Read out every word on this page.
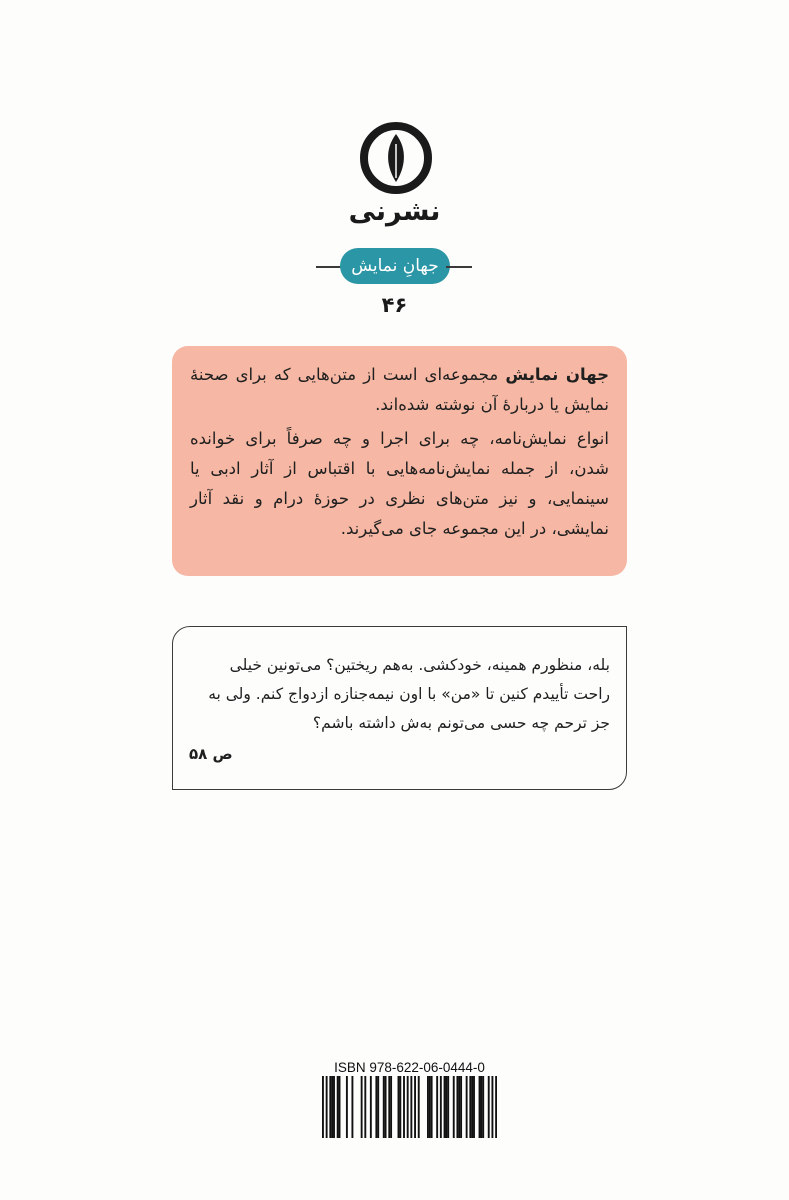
نشرنی
جهانِ نمایش
۴۶

جهان نمایش مجموعه‌ای است از متن‌هایی که برای صحنهٔ نمایش یا دربارهٔ آن نوشته شده‌اند.

انواع نمایش‌نامه، چه برای اجرا و چه صرفاً برای خوانده شدن، از جمله نمایش‌نامه‌هایی با اقتباس از آثار ادبی یا سینمایی، و نیز متن‌های نظری در حوزهٔ درام و نقد آثار نمایشی، در این مجموعه جای می‌گیرند.

بله، منظورم همینه، خودکشی. به‌هم ریختین؟ می‌تونین خیلی راحت تأییدم کنین تا «من» با اون نیمه‌جنازه ازدواج کنم. ولی به جز ترحم چه حسی می‌تونم به‌ش داشته باشم؟

ص ۵۸
ISBN 978-622-06-0444-0
